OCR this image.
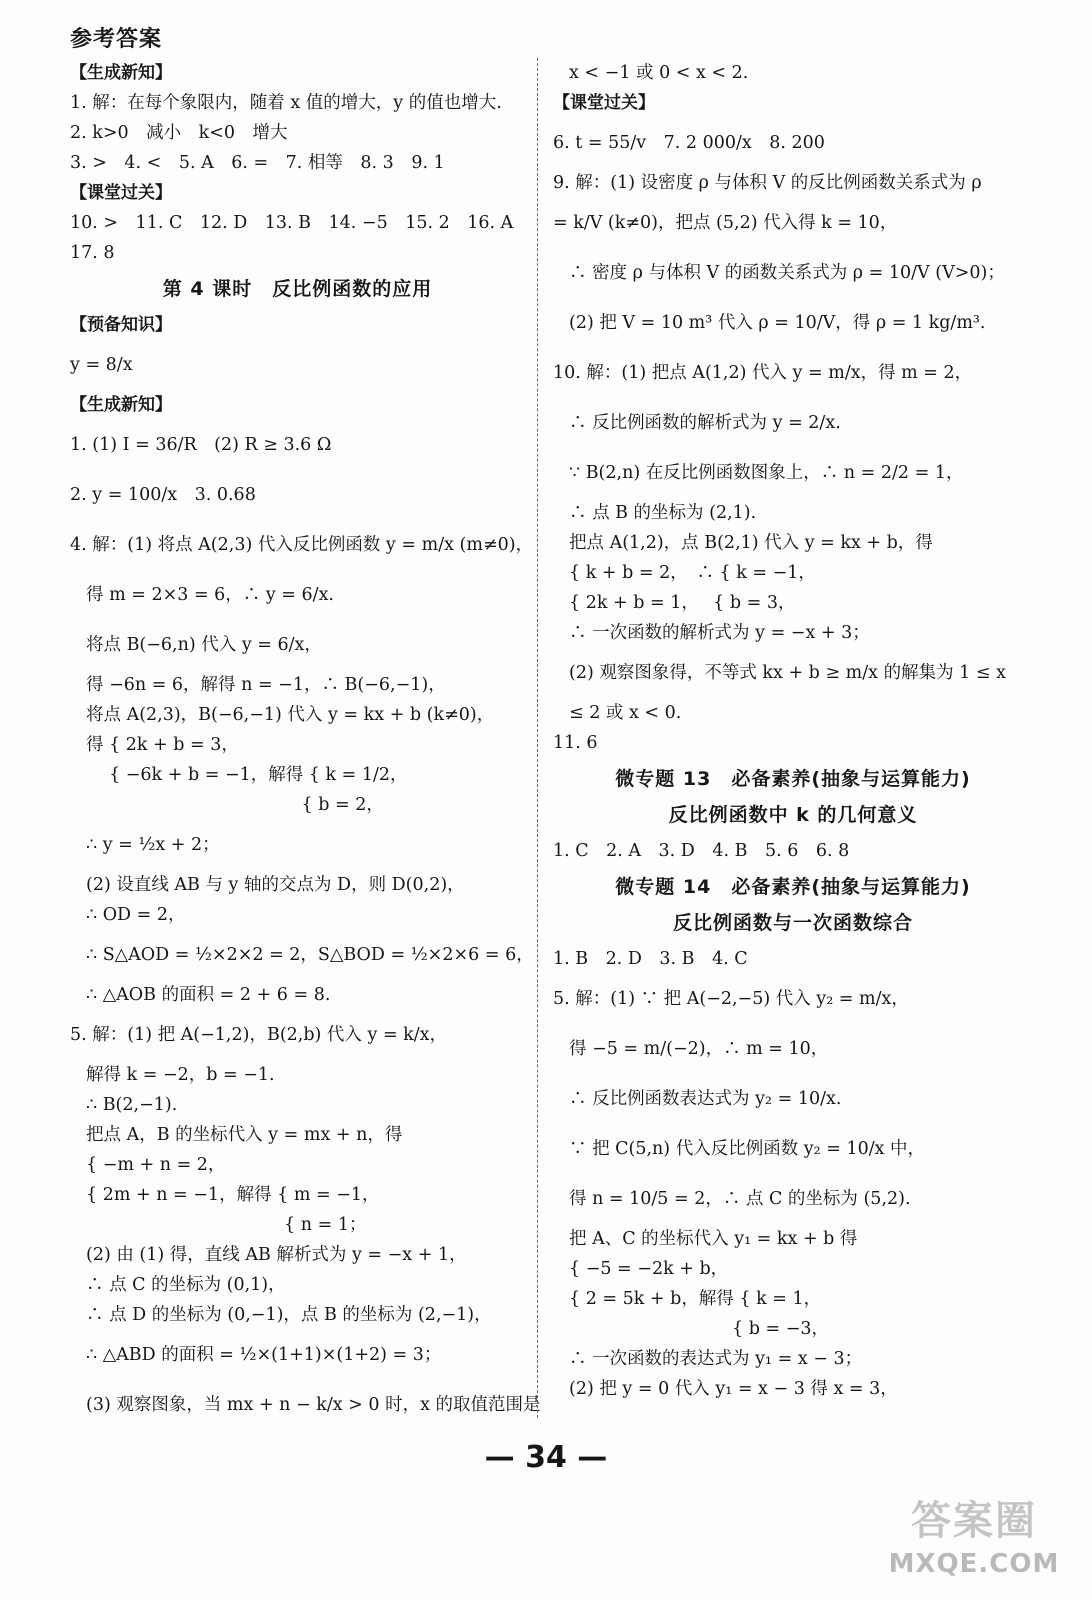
参考答案
【生成新知】
1. 解：在每个象限内，随着 x 值的增大，y 的值也增大.
2. k>0　减小　k<0　增大
3. >　4. <　5. A　6. =　7. 相等　8. 3　9. 1
【课堂过关】
10. >　11. C　12. D　13. B　14. −5　15. 2　16. A
17. 8
第 4 课时　反比例函数的应用
【预备知识】
y = 8/x
【生成新知】
1. (1) I = 36/R　(2) R ≥ 3.6 Ω
2. y = 100/x　3. 0.68
4. 解：(1) 将点 A(2,3) 代入反比例函数 y = m/x (m≠0)，
得 m = 2×3 = 6，∴ y = 6/x.
将点 B(−6,n) 代入 y = 6/x，
得 −6n = 6，解得 n = −1，∴ B(−6,−1)，
将点 A(2,3)，B(−6,−1) 代入 y = kx + b (k≠0)，
得 { 2k + b = 3，
　 { −6k + b = −1，解得 { k = 1/2，
　　　　　　　　　　　　 { b = 2，
∴ y = ½x + 2；
(2) 设直线 AB 与 y 轴的交点为 D，则 D(0,2)，
∴ OD = 2，
∴ S△AOD = ½×2×2 = 2，S△BOD = ½×2×6 = 6，
∴ △AOB 的面积 = 2 + 6 = 8.
5. 解：(1) 把 A(−1,2)，B(2,b) 代入 y = k/x，
解得 k = −2，b = −1.
∴ B(2,−1).
把点 A，B 的坐标代入 y = mx + n，得
{ −m + n = 2，
{ 2m + n = −1，解得 { m = −1，
　　　　　　　　　　　 { n = 1；
(2) 由 (1) 得，直线 AB 解析式为 y = −x + 1，
∴ 点 C 的坐标为 (0,1)，
∴ 点 D 的坐标为 (0,−1)，点 B 的坐标为 (2,−1)，
∴ △ABD 的面积 = ½×(1+1)×(1+2) = 3；
(3) 观察图象，当 mx + n − k/x > 0 时，x 的取值范围是
x < −1 或 0 < x < 2.
【课堂过关】
6. t = 55/v　7. 2 000/x　8. 200
9. 解：(1) 设密度 ρ 与体积 V 的反比例函数关系式为 ρ
= k/V (k≠0)，把点 (5,2) 代入得 k = 10，
∴ 密度 ρ 与体积 V 的函数关系式为 ρ = 10/V (V>0)；
(2) 把 V = 10 m³ 代入 ρ = 10/V，得 ρ = 1 kg/m³.
10. 解：(1) 把点 A(1,2) 代入 y = m/x，得 m = 2，
∴ 反比例函数的解析式为 y = 2/x.
∵ B(2,n) 在反比例函数图象上，∴ n = 2/2 = 1，
∴ 点 B 的坐标为 (2,1).
把点 A(1,2)，点 B(2,1) 代入 y = kx + b，得
{ k + b = 2，　∴ { k = −1，
{ 2k + b = 1，　 { b = 3，
∴ 一次函数的解析式为 y = −x + 3；
(2) 观察图象得，不等式 kx + b ≥ m/x 的解集为 1 ≤ x
≤ 2 或 x < 0.
11. 6
微专题 13　必备素养(抽象与运算能力)
反比例函数中 k 的几何意义
1. C　2. A　3. D　4. B　5. 6　6. 8
微专题 14　必备素养(抽象与运算能力)
反比例函数与一次函数综合
1. B　2. D　3. B　4. C
5. 解：(1) ∵ 把 A(−2,−5) 代入 y₂ = m/x，
得 −5 = m/(−2)，∴ m = 10，
∴ 反比例函数表达式为 y₂ = 10/x.
∵ 把 C(5,n) 代入反比例函数 y₂ = 10/x 中，
得 n = 10/5 = 2，∴ 点 C 的坐标为 (5,2).
把 A、C 的坐标代入 y₁ = kx + b 得
{ −5 = −2k + b，
{ 2 = 5k + b，解得 { k = 1，
　　　　　　　　　 { b = −3，
∴ 一次函数的表达式为 y₁ = x − 3；
(2) 把 y = 0 代入 y₁ = x − 3 得 x = 3，
— 34 —
答案圈
MXQE.COM
